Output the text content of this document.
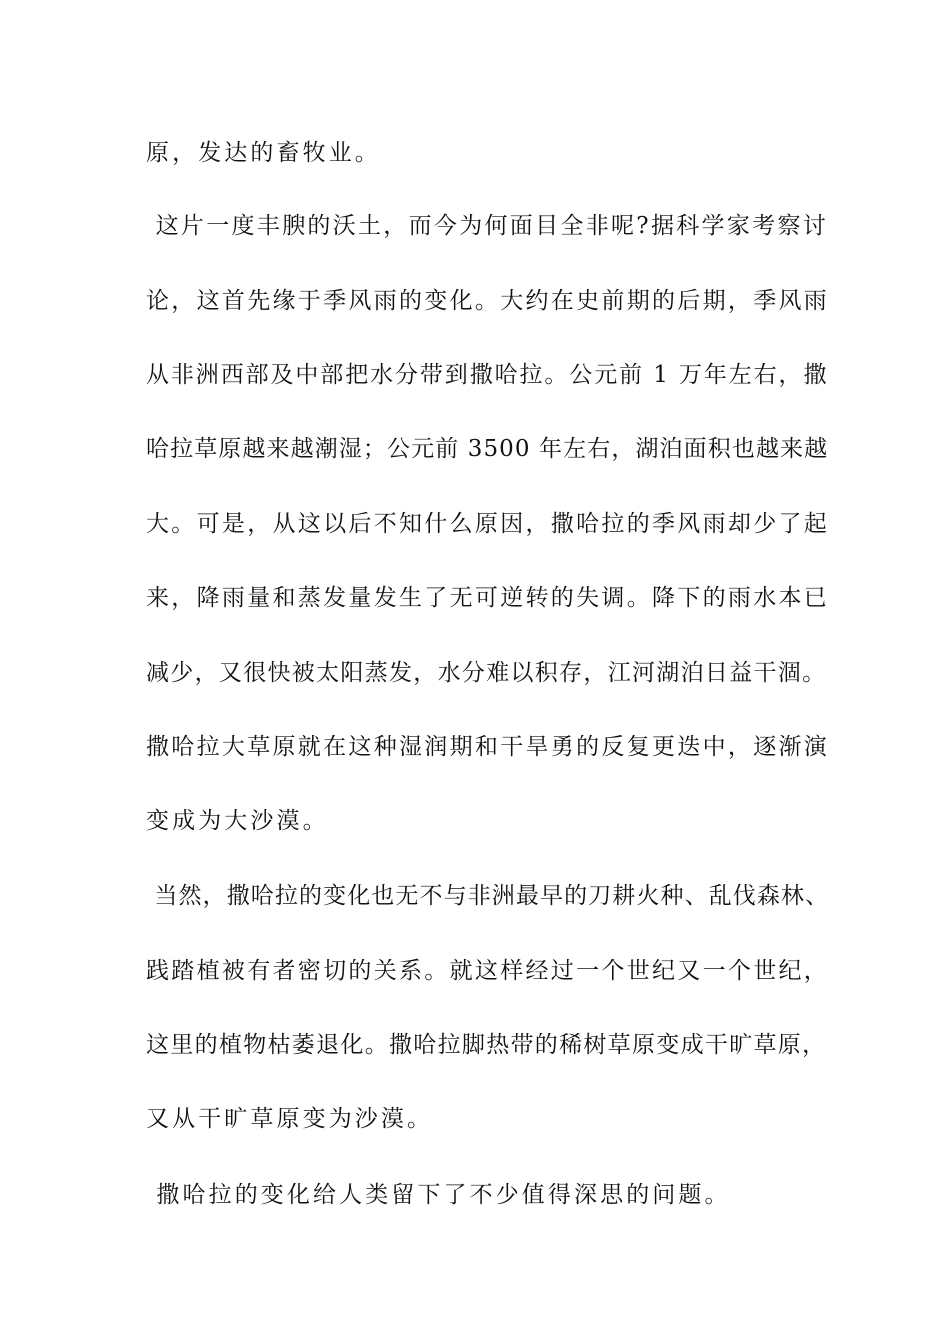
原，发达的畜牧业。
这片一度丰腴的沃土，而今为何面目全非呢?据科学家考察讨
论，这首先缘于季风雨的变化。大约在史前期的后期，季风雨
从非洲西部及中部把水分带到撒哈拉。公元前 1 万年左右，撒
哈拉草原越来越潮湿；公元前 3500 年左右，湖泊面积也越来越
大。可是，从这以后不知什么原因，撒哈拉的季风雨却少了起
来，降雨量和蒸发量发生了无可逆转的失调。降下的雨水本已
减少，又很快被太阳蒸发，水分难以积存，江河湖泊日益干涸。
撒哈拉大草原就在这种湿润期和干旱勇的反复更迭中，逐渐演
变成为大沙漠。
当然，撒哈拉的变化也无不与非洲最早的刀耕火种、乱伐森林、
践踏植被有者密切的关系。就这样经过一个世纪又一个世纪，
这里的植物枯萎退化。撒哈拉脚热带的稀树草原变成干旷草原，
又从干旷草原变为沙漠。
撒哈拉的变化给人类留下了不少值得深思的问题。
